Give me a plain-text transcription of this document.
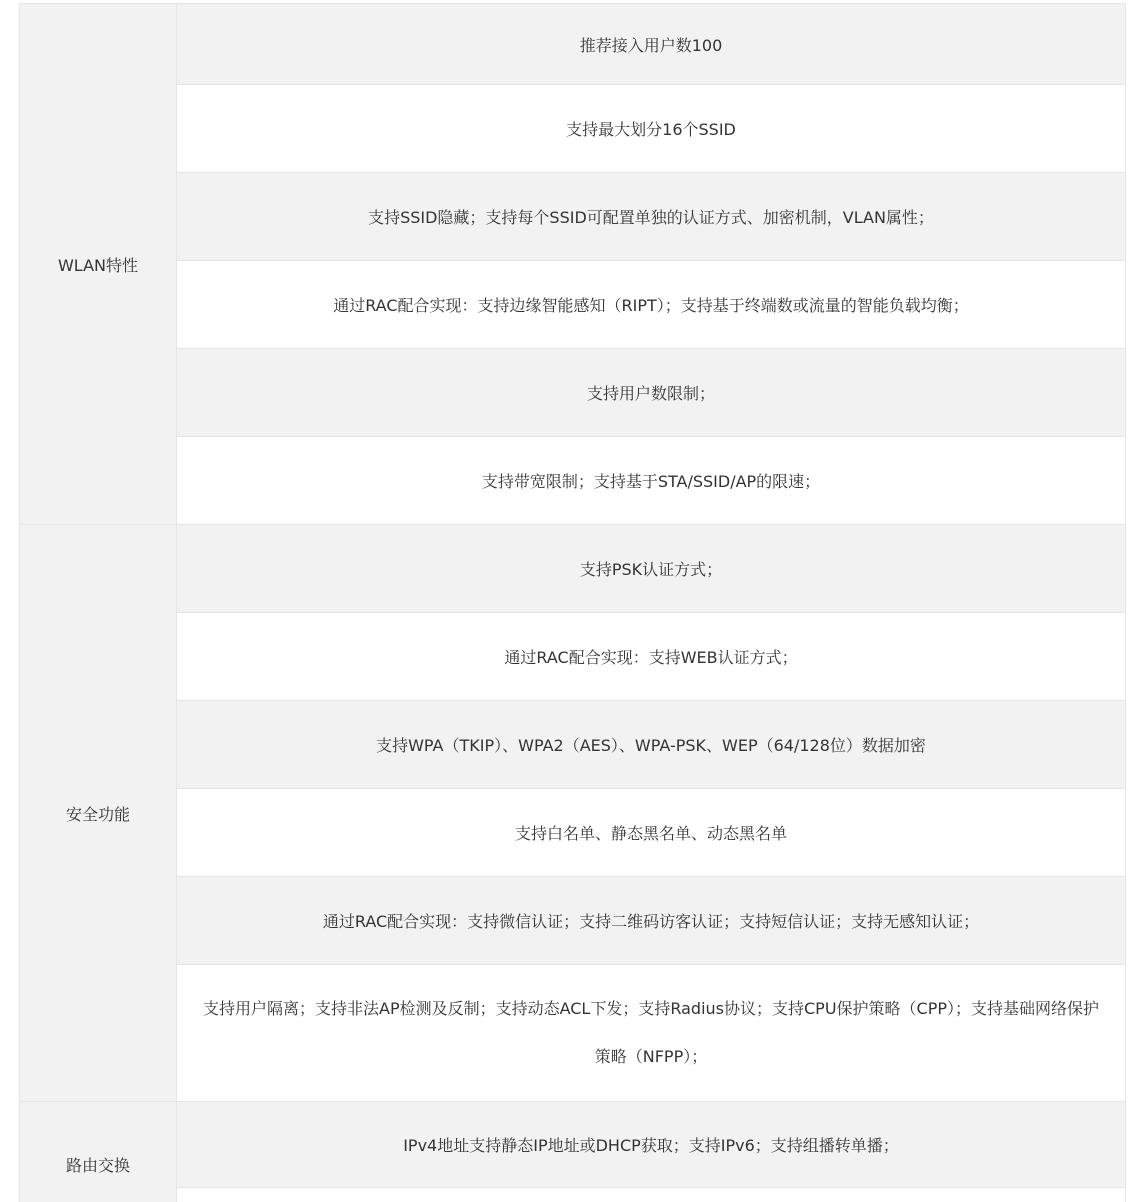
WLAN特性	推荐接入用户数100
	支持最大划分16个SSID
	支持SSID隐藏；支持每个SSID可配置单独的认证方式、加密机制，VLAN属性；
	通过RAC配合实现：支持边缘智能感知（RIPT）；支持基于终端数或流量的智能负载均衡；
	支持用户数限制；
	支持带宽限制；支持基于STA/SSID/AP的限速；
安全功能	支持PSK认证方式；
	通过RAC配合实现：支持WEB认证方式；
	支持WPA（TKIP）、WPA2（AES）、WPA-PSK、WEP（64/128位）数据加密
	支持白名单、静态黑名单、动态黑名单
	通过RAC配合实现：支持微信认证；支持二维码访客认证；支持短信认证；支持无感知认证；
	支持用户隔离；支持非法AP检测及反制；支持动态ACL下发；支持Radius协议；支持CPU保护策略（CPP）；支持基础网络保护策略（NFPP）；
路由交换	IPv4地址支持静态IP地址或DHCP获取；支持IPv6；支持组播转单播；
